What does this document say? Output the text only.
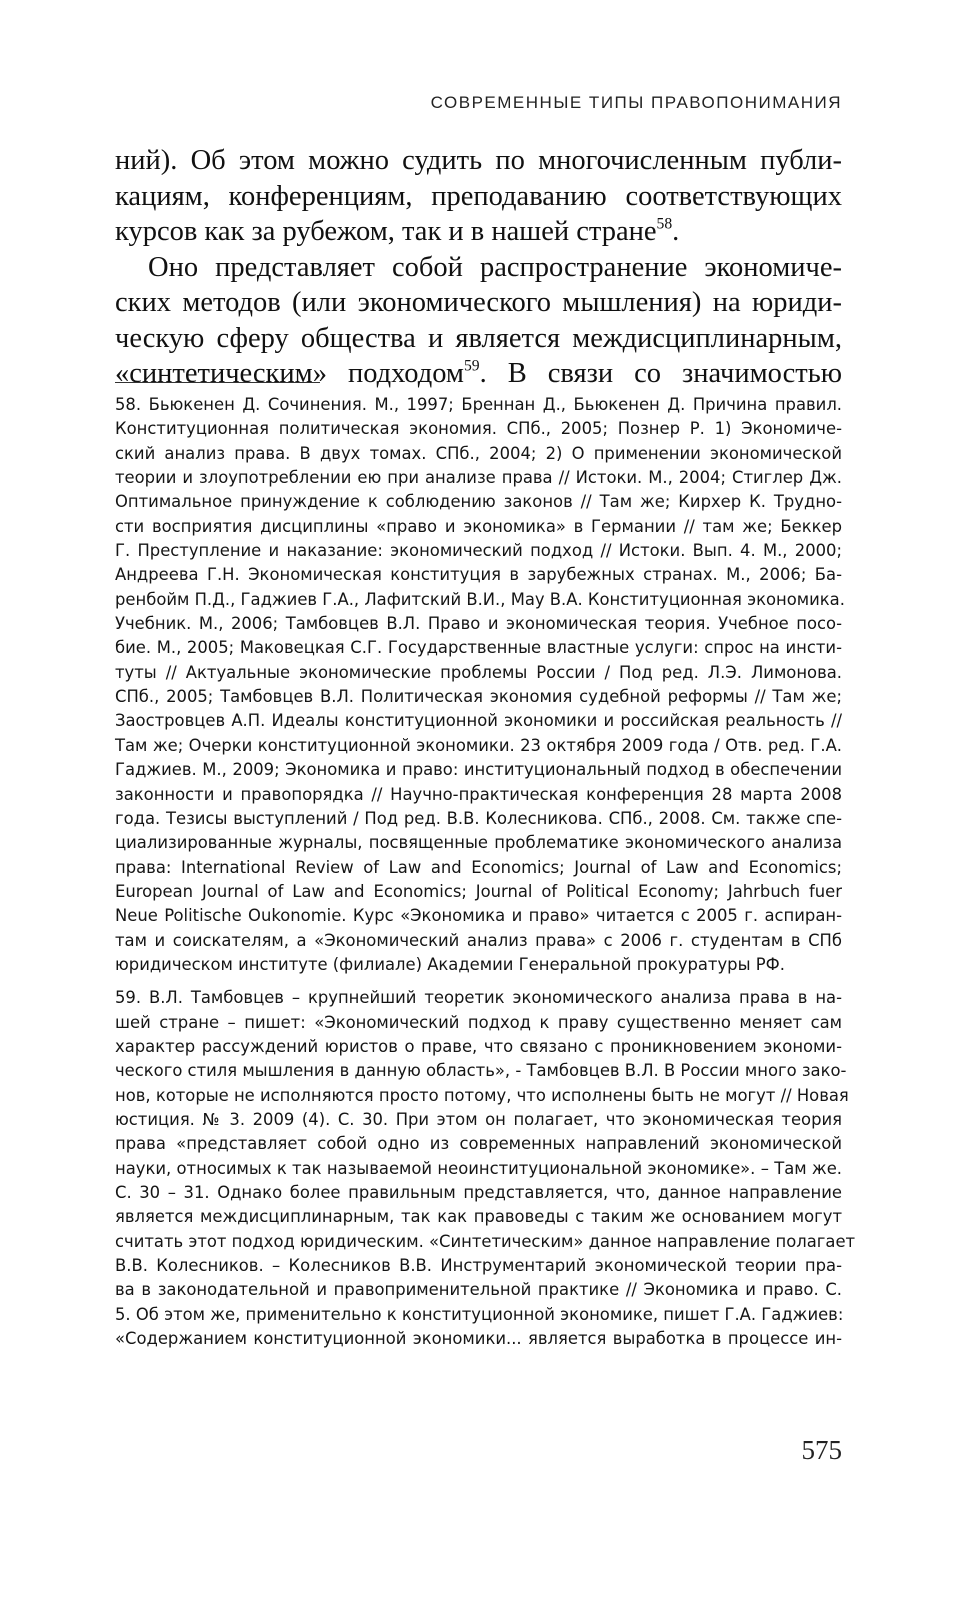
СОВРЕМЕННЫЕ ТИПЫ ПРАВОПОНИМАНИЯ

ний). Об этом можно судить по многочисленным публи-

кациям, конференциям, преподаванию соответствующих

курсов как за рубежом, так и в нашей стране$^{58}$.

Оно представляет собой распространение экономиче-

ских методов (или экономического мышления) на юриди-

ческую сферу общества и является междисциплинарным,

«синтетическим» подходом$^{59}$. В связи со значимостью

58. Бьюкенен Д. Сочинения. М., 1997; Бреннан Д., Бьюкенен Д. Причина правил.
Конституционная политическая экономия. СПб., 2005; Познер Р. 1) Экономиче-
ский анализ права. В двух томах. СПб., 2004; 2) О применении экономической
теории и злоупотреблении ею при анализе права // Истоки. М., 2004; Стиглер Дж.
Оптимальное принуждение к соблюдению законов // Там же; Кирхер К. Трудно-
сти восприятия дисциплины «право и экономика» в Германии // там же; Беккер
Г. Преступление и наказание: экономический подход // Истоки. Вып. 4. М., 2000;
Андреева Г.Н. Экономическая конституция в зарубежных странах. М., 2006; Ба-
ренбойм П.Д., Гаджиев Г.А., Лафитский В.И., Мау В.А. Конституционная экономика.
Учебник. М., 2006; Тамбовцев В.Л. Право и экономическая теория. Учебное посо-
бие. М., 2005; Маковецкая С.Г. Государственные властные услуги: спрос на инсти-
туты // Актуальные экономические проблемы России / Под ред. Л.Э. Лимонова.
СПб., 2005; Тамбовцев В.Л. Политическая экономия судебной реформы // Там же;
Заостровцев А.П. Идеалы конституционной экономики и российская реальность //
Там же; Очерки конституционной экономики. 23 октября 2009 года / Отв. ред. Г.А.
Гаджиев. М., 2009; Экономика и право: институциональный подход в обеспечении
законности и правопорядка // Научно-практическая конференция 28 марта 2008
года. Тезисы выступлений / Под ред. В.В. Колесникова. СПб., 2008. См. также спе-
циализированные журналы, посвященные проблематике экономического анализа
права: International Review of Law and Economics; Journal of Law and Economics;
European Journal of Law and Economics; Journal of Political Economy; Jahrbuch fuer
Neue Politische Oukonomie. Курс «Экономика и право» читается с 2005 г. аспиран-
там и соискателям, а «Экономический анализ права» с 2006 г. студентам в СПб
юридическом институте (филиале) Академии Генеральной прокуратуры РФ.
59. В.Л. Тамбовцев – крупнейший теоретик экономического анализа права в на-
шей стране – пишет: «Экономический подход к праву существенно меняет сам
характер рассуждений юристов о праве, что связано с проникновением экономи-
ческого стиля мышления в данную область», - Тамбовцев В.Л. В России много зако-
нов, которые не исполняются просто потому, что исполнены быть не могут // Новая
юстиция. № 3. 2009 (4). С. 30. При этом он полагает, что экономическая теория
права «представляет собой одно из современных направлений экономической
науки, относимых к так называемой неоинституциональной экономике». – Там же.
С. 30 – 31. Однако более правильным представляется, что, данное направление
является междисциплинарным, так как правоведы с таким же основанием могут
считать этот подход юридическим. «Синтетическим» данное направление полагает
В.В. Колесников. – Колесников В.В. Инструментарий экономической теории пра-
ва в законодательной и правоприменительной практике // Экономика и право. С.
5. Об этом же, применительно к конституционной экономике, пишет Г.А. Гаджиев:
«Содержанием конституционной экономики... является выработка в процессе ин-
575
